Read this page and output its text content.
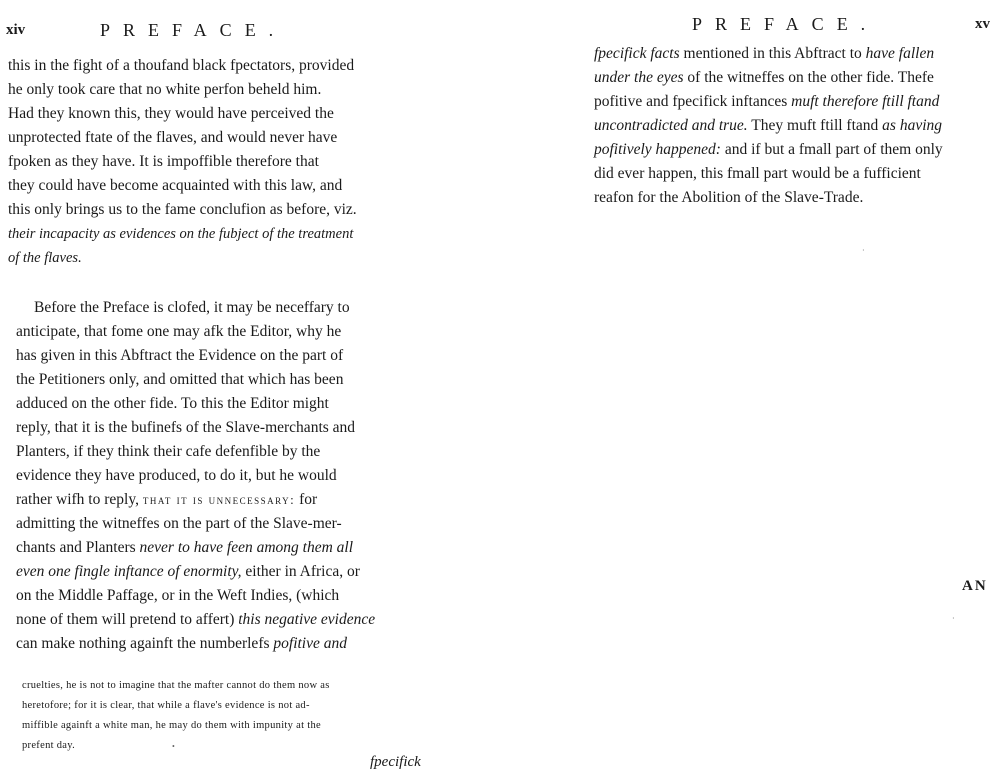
xiv	PREFACE.
this in the fight of a thoufand black fpectators, provided
he only took care that no white perfon beheld him.
Had they known this, they would have perceived the
unprotected ftate of the flaves, and would never have
fpoken as they have. It is impoffible therefore that
they could have become acquainted with this law, and
this only brings us to the fame conclufion as before, viz.
their incapacity as evidences on the fubject of the treatment
of the flaves.
Before the Preface is clofed, it may be neceffary to
anticipate, that fome one may afk the Editor, why he
has given in this Abftract the Evidence on the part of
the Petitioners only, and omitted that which has been
adduced on the other fide. To this the Editor might
reply, that it is the bufinefs of the Slave-merchants and
Planters, if they think their cafe defenfible by the
evidence they have produced, to do it, but he would
rather wifh to reply, that it is unnecessary: for
admitting the witneffes on the part of the Slave-mer-
chants and Planters never to have feen among them all
even one fingle inftance of enormity, either in Africa, or
on the Middle Paffage, or in the Weft Indies, (which
none of them will pretend to affert) this negative evidence
can make nothing againft the numberlefs pofitive and
cruelties, he is not to imagine that the mafter cannot do them now as
heretofore; for it is clear, that while a flave's evidence is not ad-
miffible againft a white man, he may do them with impunity at the
prefent day.	•
fpecifick
PREFACE.	xv
fpecifick facts mentioned in this Abftract to have fallen
under the eyes of the witneffes on the other fide. Thefe
pofitive and fpecifick inftances muft therefore ftill ftand
uncontradicted and true. They muft ftill ftand as having
pofitively happened: and if but a fmall part of them only
did ever happen, this fmall part would be a fufficient
reafon for the Abolition of the Slave-Trade.
·
·
AN
